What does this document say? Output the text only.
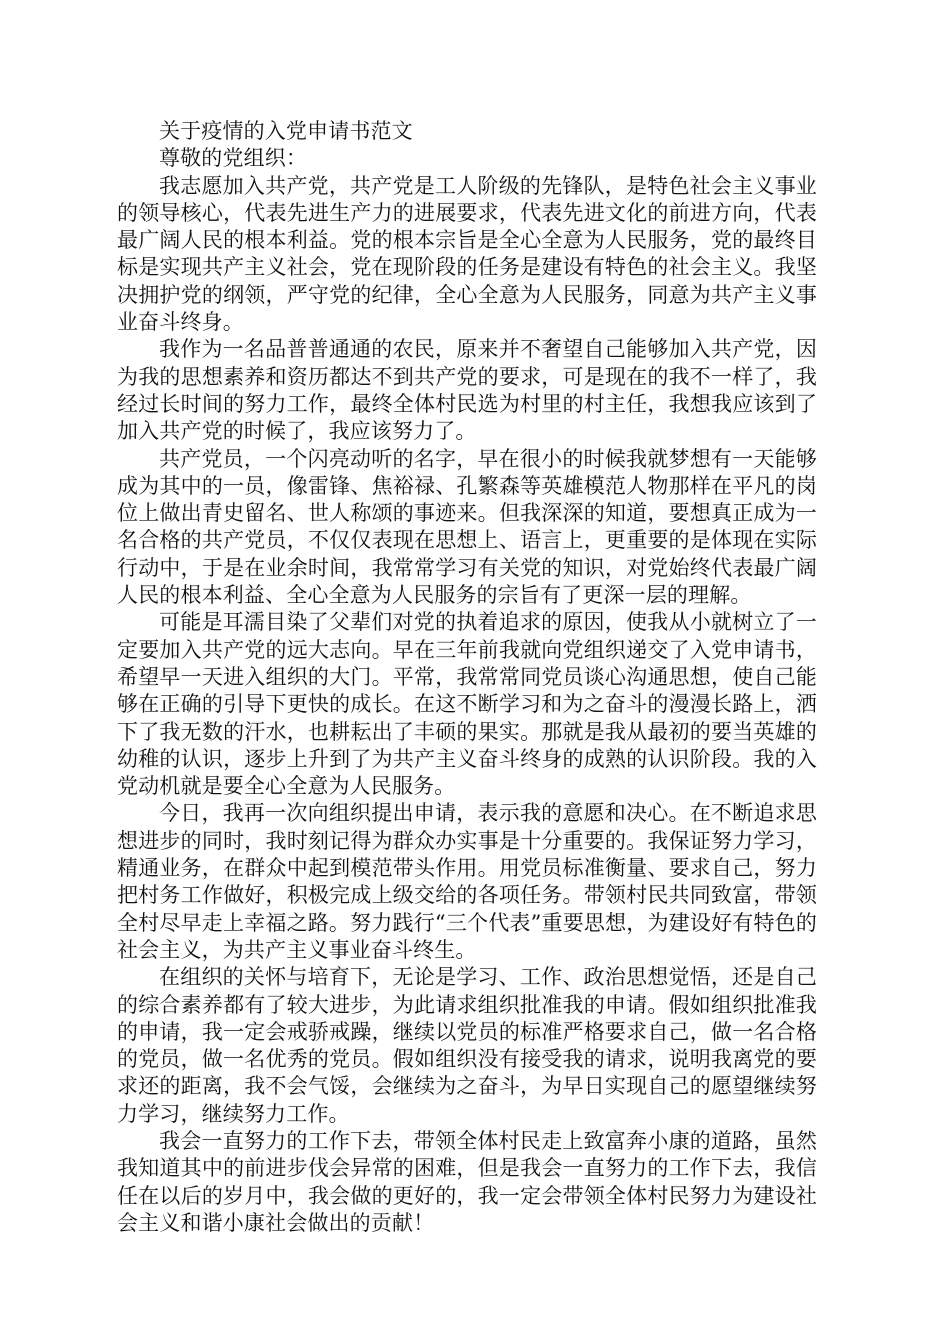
关于疫情的入党申请书范文

尊敬的党组织：

我志愿加入共产党，共产党是工人阶级的先锋队，是特色社会主义事业的领导核心，代表先进生产力的进展要求，代表先进文化的前进方向，代表最广阔人民的根本利益。党的根本宗旨是全心全意为人民服务，党的最终目标是实现共产主义社会，党在现阶段的任务是建设有特色的社会主义。我坚决拥护党的纲领，严守党的纪律，全心全意为人民服务，同意为共产主义事业奋斗终身。

我作为一名品普普通通的农民，原来并不奢望自己能够加入共产党，因为我的思想素养和资历都达不到共产党的要求，可是现在的我不一样了，我经过长时间的努力工作，最终全体村民选为村里的村主任，我想我应该到了加入共产党的时候了，我应该努力了。

共产党员，一个闪亮动听的名字，早在很小的时候我就梦想有一天能够成为其中的一员，像雷锋、焦裕禄、孔繁森等英雄模范人物那样在平凡的岗位上做出青史留名、世人称颂的事迹来。但我深深的知道，要想真正成为一名合格的共产党员，不仅仅表现在思想上、语言上，更重要的是体现在实际行动中，于是在业余时间，我常常学习有关党的知识，对党始终代表最广阔人民的根本利益、全心全意为人民服务的宗旨有了更深一层的理解。

可能是耳濡目染了父辈们对党的执着追求的原因，使我从小就树立了一定要加入共产党的远大志向。早在三年前我就向党组织递交了入党申请书，希望早一天进入组织的大门。平常，我常常同党员谈心沟通思想，使自己能够在正确的引导下更快的成长。在这不断学习和为之奋斗的漫漫长路上，洒下了我无数的汗水，也耕耘出了丰硕的果实。那就是我从最初的要当英雄的幼稚的认识，逐步上升到了为共产主义奋斗终身的成熟的认识阶段。我的入党动机就是要全心全意为人民服务。

今日，我再一次向组织提出申请，表示我的意愿和决心。在不断追求思想进步的同时，我时刻记得为群众办实事是十分重要的。我保证努力学习，精通业务，在群众中起到模范带头作用。用党员标准衡量、要求自己，努力把村务工作做好，积极完成上级交给的各项任务。带领村民共同致富，带领全村尽早走上幸福之路。努力践行“三个代表”重要思想，为建设好有特色的社会主义，为共产主义事业奋斗终生。

在组织的关怀与培育下，无论是学习、工作、政治思想觉悟，还是自己的综合素养都有了较大进步，为此请求组织批准我的申请。假如组织批准我的申请，我一定会戒骄戒躁，继续以党员的标准严格要求自己，做一名合格的党员，做一名优秀的党员。假如组织没有接受我的请求，说明我离党的要求还的距离，我不会气馁，会继续为之奋斗，为早日实现自己的愿望继续努力学习，继续努力工作。

我会一直努力的工作下去，带领全体村民走上致富奔小康的道路，虽然我知道其中的前进步伐会异常的困难，但是我会一直努力的工作下去，我信任在以后的岁月中，我会做的更好的，我一定会带领全体村民努力为建设社会主义和谐小康社会做出的贡献！
